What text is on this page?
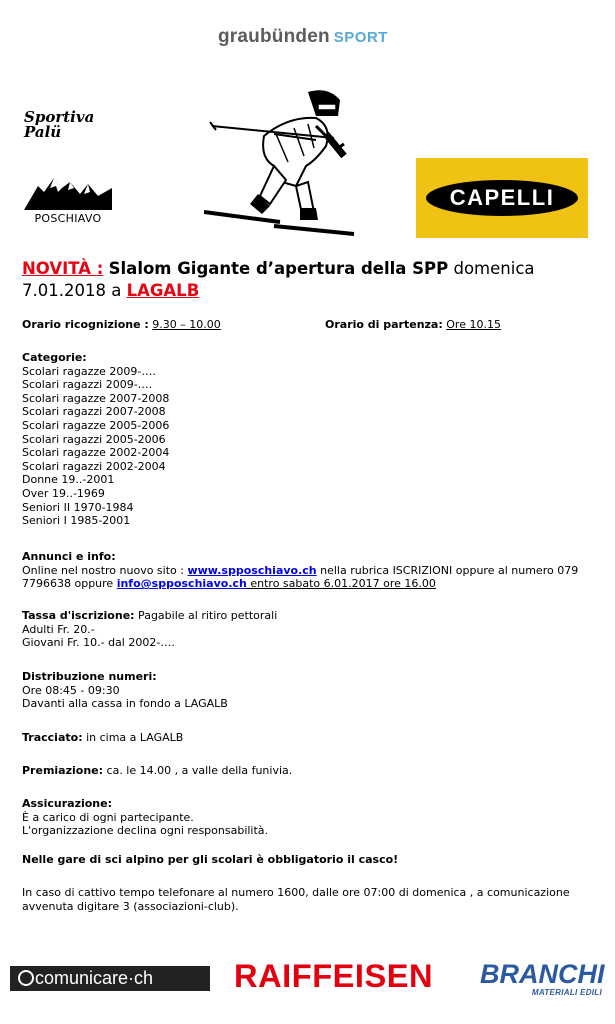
graubünden SPORT
Sportiva Palü
POSCHIAVO
CAPELLI
NOVITÀ : Slalom Gigante d’apertura della SPP domenica 7.01.2018 a LAGALB
Orario ricognizione : 9.30 – 10.00	Orario di partenza: Ore 10.15
Categorie:
Scolari ragazze 2009-….
Scolari ragazzi 2009-….
Scolari ragazze 2007-2008
Scolari ragazzi 2007-2008
Scolari ragazze 2005-2006
Scolari ragazzi 2005-2006
Scolari ragazze 2002-2004
Scolari ragazzi 2002-2004
Donne 19..-2001
Over 19..-1969
Seniori II 1970-1984
Seniori I 1985-2001
Annunci e info:
Online nel nostro nuovo sito : www.spposchiavo.ch nella rubrica ISCRIZIONI oppure al numero 079 7796638 oppure info@spposchiavo.ch entro sabato 6.01.2017 ore 16.00
Tassa d'iscrizione: Pagabile al ritiro pettorali
Adulti Fr. 20.-
Giovani Fr. 10.- dal 2002-….
Distribuzione numeri:
Ore 08:45 - 09:30
Davanti alla cassa in fondo a LAGALB
Tracciato: in cima a LAGALB
Premiazione: ca. le 14.00 , a valle della funivia.
Assicurazione:
È a carico di ogni partecipante.
L'organizzazione declina ogni responsabilità.
Nelle gare di sci alpino per gli scolari è obbligatorio il casco!
In caso di cattivo tempo telefonare al numero 1600, dalle ore 07:00 di domenica , a comunicazione avvenuta digitare 3 (associazioni-club).
comunicare·ch	RAIFFEISEN BRANCHI
MATERIALI EDILI
